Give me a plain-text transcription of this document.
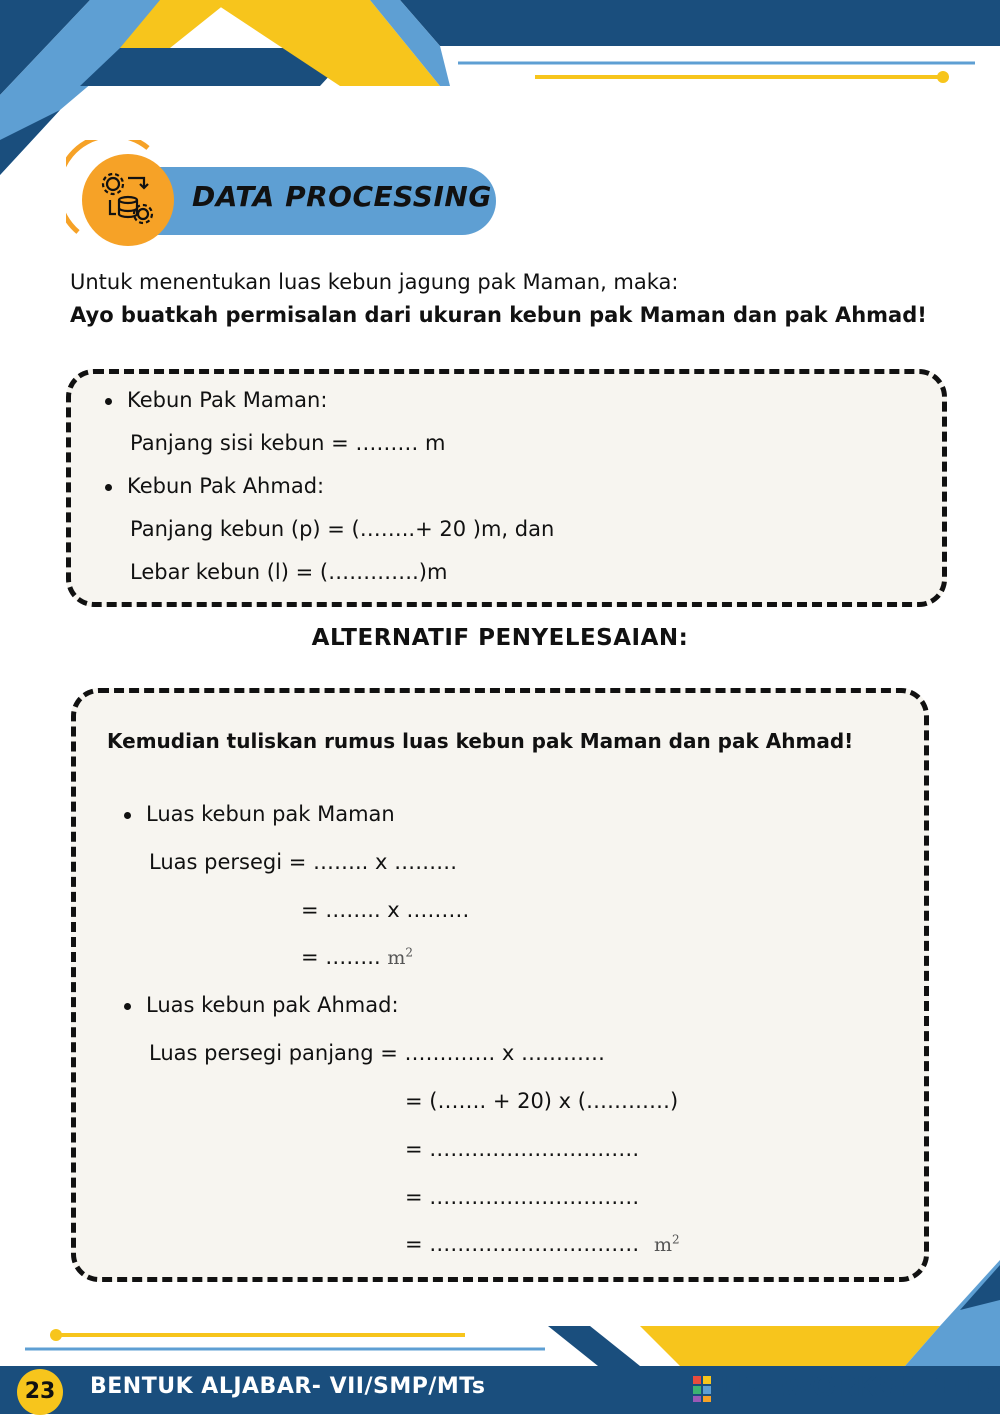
DATA PROCESSING
Untuk menentukan luas kebun jagung pak Maman, maka:
Ayo buatkah permisalan dari ukuran kebun pak Maman dan pak Ahmad!
Kebun Pak Maman:
Panjang sisi kebun = ……… m
Kebun Pak Ahmad:
Panjang kebun (p) = (……..+ 20 )m, dan
Lebar kebun (l) = (………….)m
ALTERNATIF PENYELESAIAN:
Kemudian tuliskan rumus luas kebun pak Maman dan pak Ahmad!
Luas kebun pak Maman
Luas persegi = …….. x ………
= …….. x ………
= …….. $m^2$
Luas kebun pak Ahmad:
Luas persegi panjang = …………. x …………
= (……. + 20) x (…………)
= …………………………
= …………………………
= ………………………… $m^2$
23	BENTUK ALJABAR- VII/SMP/MTs	LIVEWORKSHEETS
